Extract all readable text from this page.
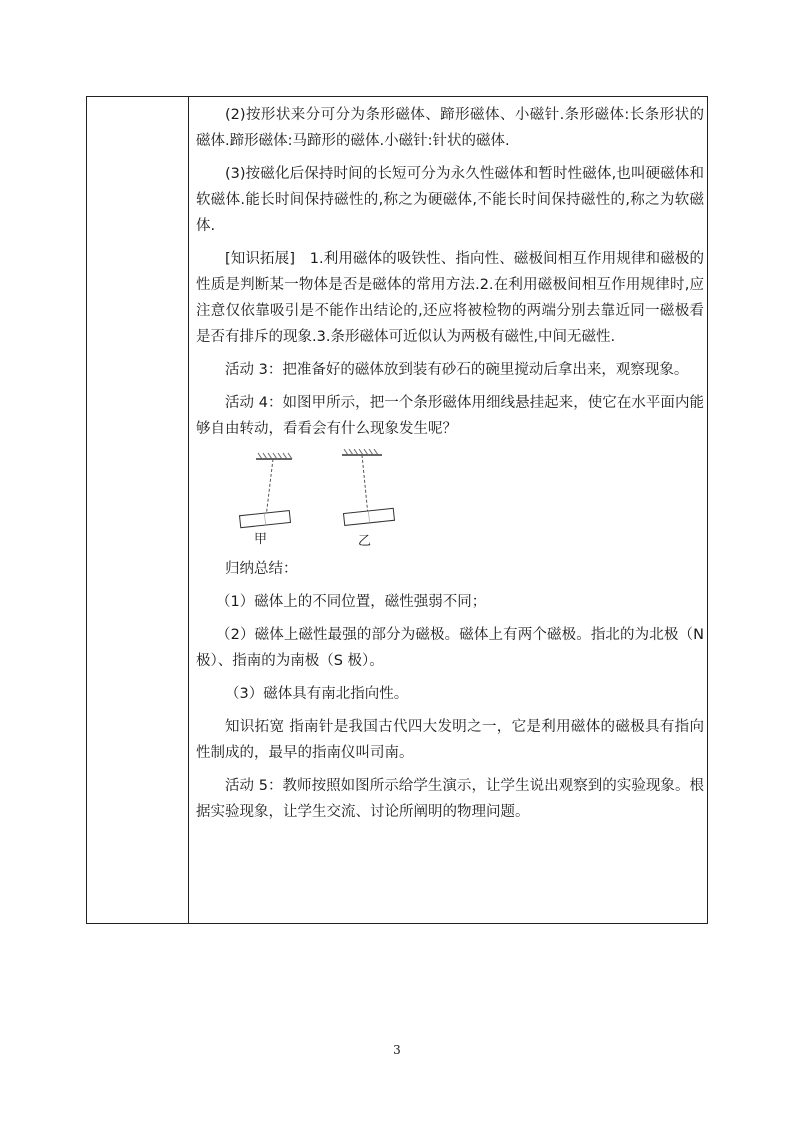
(2)按形状来分可分为条形磁体、蹄形磁体、小磁针.条形磁体:长条形状的磁体.蹄形磁体:马蹄形的磁体.小磁针:针状的磁体.

(3)按磁化后保持时间的长短可分为永久性磁体和暂时性磁体,也叫硬磁体和软磁体.能长时间保持磁性的,称之为硬磁体,不能长时间保持磁性的,称之为软磁体.

[知识拓展]　1.利用磁体的吸铁性、指向性、磁极间相互作用规律和磁极的性质是判断某一物体是否是磁体的常用方法.2.在利用磁极间相互作用规律时,应注意仅依靠吸引是不能作出结论的,还应将被检物的两端分别去靠近同一磁极看是否有排斥的现象.3.条形磁体可近似认为两极有磁性,中间无磁性.

活动 3：把准备好的磁体放到装有砂石的碗里搅动后拿出来，观察现象。

活动 4：如图甲所示，把一个条形磁体用细线悬挂起来，使它在水平面内能够自由转动，看看会有什么现象发生呢？

甲	乙

归纳总结：

（1）磁体上的不同位置，磁性强弱不同；

（2）磁体上磁性最强的部分为磁极。磁体上有两个磁极。指北的为北极（N 极）、指南的为南极（S 极）。

（3）磁体具有南北指向性。

知识拓宽 指南针是我国古代四大发明之一，它是利用磁体的磁极具有指向性制成的，最早的指南仪叫司南。

活动 5：教师按照如图所示给学生演示，让学生说出观察到的实验现象。根据实验现象，让学生交流、讨论所阐明的物理问题。

3
